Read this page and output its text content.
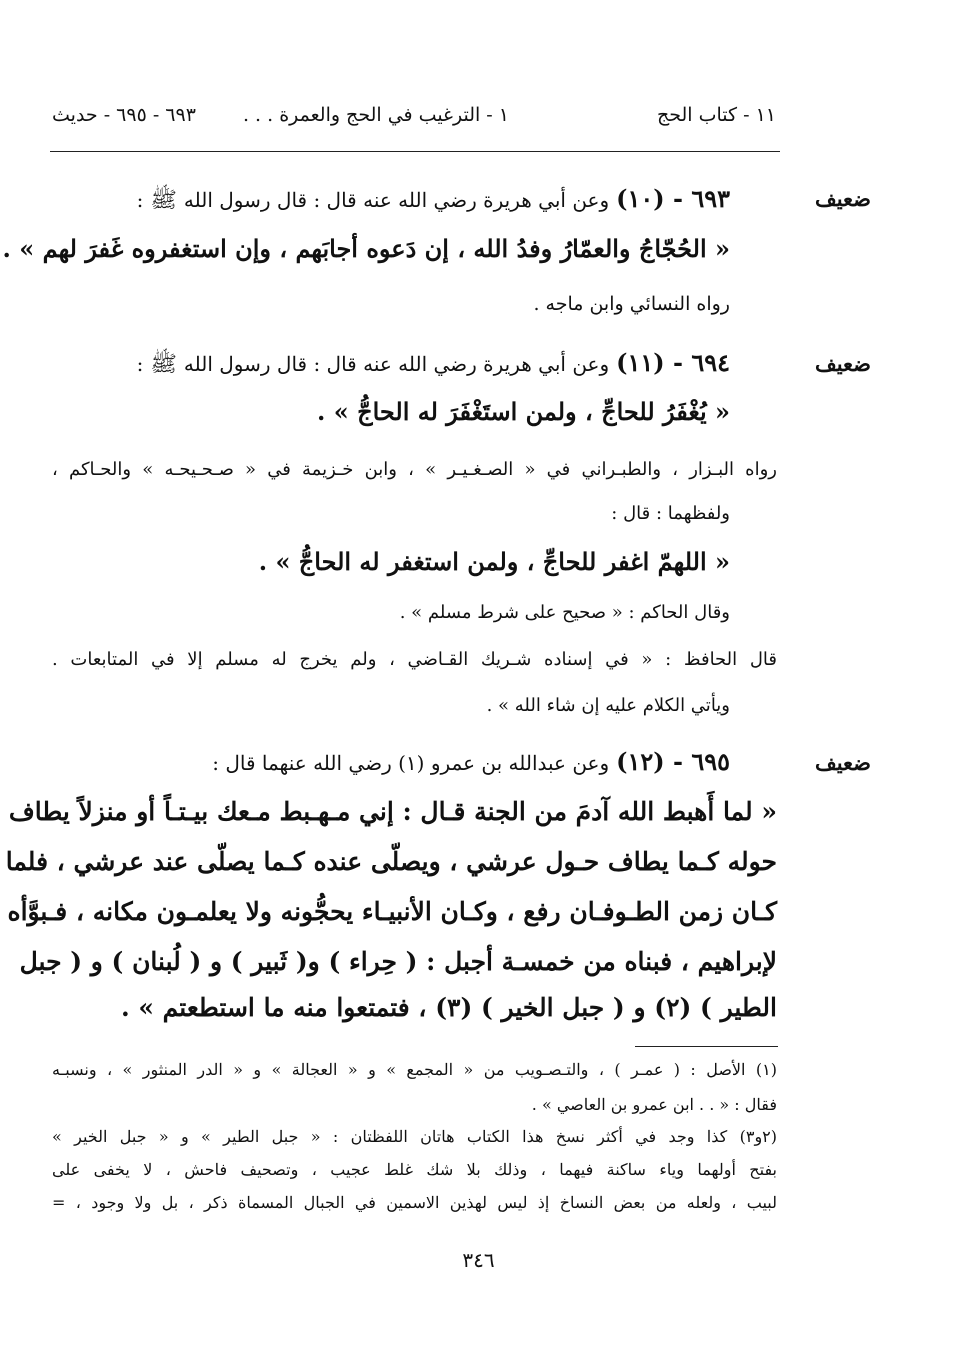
١١ - كتاب الحج
١ - الترغيب في الحج والعمرة . . .
٦٩٣ - ٦٩٥ - حديث
ضعيف
٦٩٣ - (١٠) وعن أبي هريرة رضي الله عنه قال : قال رسول الله ﷺ :
« الحُجّاجُ والعمّارُ وفدُ الله ، إن دَعوه أجابَهم ، وإن استغفروه غَفرَ لهم » .
رواه النسائي وابن ماجه .
ضعيف
٦٩٤ - (١١) وعن أبي هريرة رضي الله عنه قال : قال رسول الله ﷺ :
« يُغْفَرُ للحاجِّ ، ولمن استَغْفَرَ له الحاجُّ » .
رواه البـزار ، والطبـراني في « الصـغـيـر » ، وابن خـزيمة في « صـحـيحـه » والحـاكم ،
ولفظهما : قال :
« اللهمّ اغفر للحاجِّ ، ولمن استغفر له الحاجُّ » .
وقال الحاكم : « صحيح على شرط مسلم » .
قال الحافظ : « في إسناده شـريك القـاضي ، ولم يخرج له مسلم إلا في المتابعات .
ويأتي الكلام عليه إن شاء الله » .
ضعيف
٦٩٥ - (١٢) وعن عبدالله بن عمرو (١) رضي الله عنهما قال :
« لما أَهبط الله آدمَ من الجنة قـال : إني مـهـبط مـعك بيـتـاً أو منزلاً يطاف
حوله كـما يطاف حـول عرشي ، ويصلّى عنده كـما يصلّى عند عرشي ، فلما
كـان زمن الطـوفـان رفع ، وكـان الأنبيـاء يحجُّونه ولا يعلمـون مكانه ، فـبوَّأه
لإبراهيم ، فبناه من خمسـة أجبل : ( حِراء ) و( ثَبير ) و ( لُبنان ) و ( جبل
الطير ) (٢) و ( جبل الخير ) (٣) ، فتمتعوا منه ما استطعتم » .
(١) الأصل : ( عمـر ) ، والتـصـويب من « المجمع » و « العجالة » و « الدر المنثور » ، ونسبـه
فقال : « . . ابن عمرو بن العاصي » .
(٢و٣) كذا وجد في أكثر نسخ هذا الكتاب هاتان اللفظتان : « جبل الطير » و « جبل الخير »
بفتح أولهما وياء ساكنة فيهما ، وذلك بلا شك غلط عجيب ، وتصحيف فاحش ، لا يخفى على
لبيب ، ولعله من بعض النساخ إذ ليس لهذين الاسمين في الجبال المسماة ذكر ، بل ولا وجود ، =
٣٤٦
